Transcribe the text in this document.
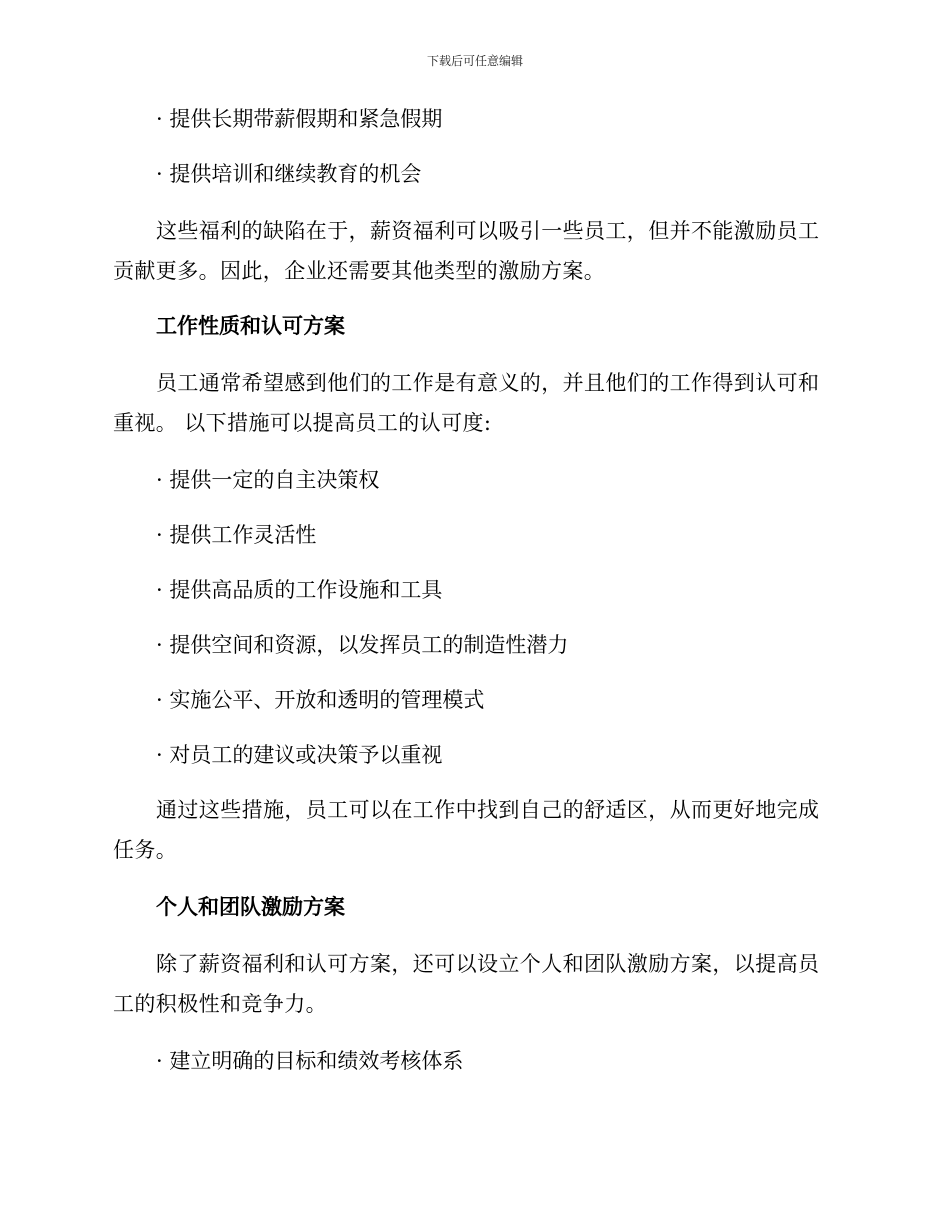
下载后可任意编辑

· 提供长期带薪假期和紧急假期

· 提供培训和继续教育的机会

这些福利的缺陷在于，薪资福利可以吸引一些员工，但并不能激励员工贡献更多。因此，企业还需要其他类型的激励方案。

工作性质和认可方案

员工通常希望感到他们的工作是有意义的，并且他们的工作得到认可和重视。 以下措施可以提高员工的认可度:

· 提供一定的自主决策权

· 提供工作灵活性

· 提供高品质的工作设施和工具

· 提供空间和资源，以发挥员工的制造性潜力

· 实施公平、开放和透明的管理模式

· 对员工的建议或决策予以重视

通过这些措施，员工可以在工作中找到自己的舒适区，从而更好地完成任务。

个人和团队激励方案

除了薪资福利和认可方案，还可以设立个人和团队激励方案，以提高员工的积极性和竞争力。

· 建立明确的目标和绩效考核体系
